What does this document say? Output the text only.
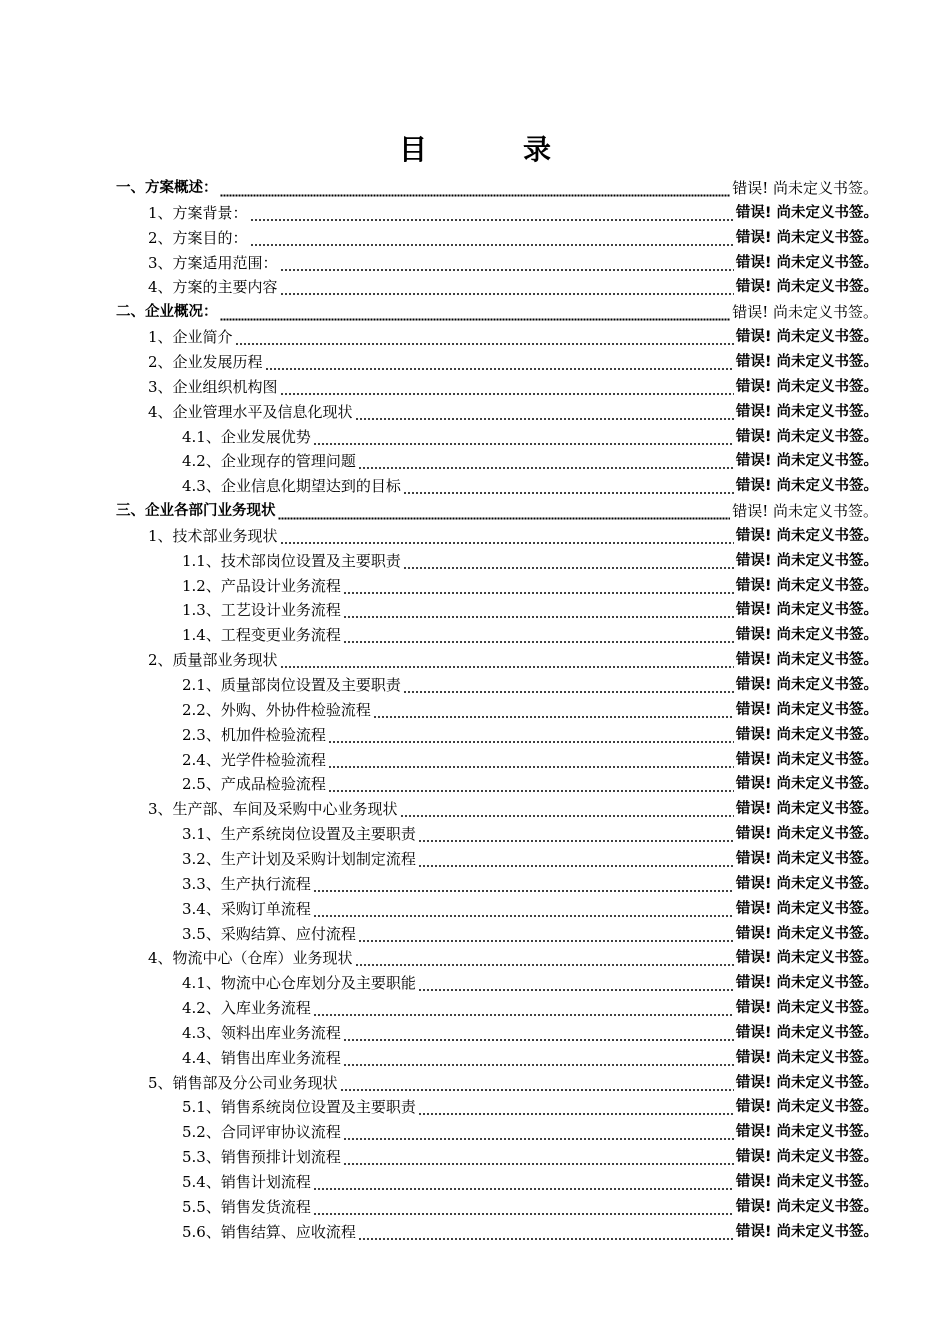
目	录
一、方案概述：	错误! 尚未定义书签。
1、方案背景：	错误! 尚未定义书签。
2、方案目的：	错误! 尚未定义书签。
3、方案适用范围：	错误! 尚未定义书签。
4、方案的主要内容	错误! 尚未定义书签。
二、企业概况：	错误! 尚未定义书签。
1、企业简介	错误! 尚未定义书签。
2、企业发展历程	错误! 尚未定义书签。
3、企业组织机构图	错误! 尚未定义书签。
4、企业管理水平及信息化现状	错误! 尚未定义书签。
4.1、企业发展优势	错误! 尚未定义书签。
4.2、企业现存的管理问题	错误! 尚未定义书签。
4.3、企业信息化期望达到的目标	错误! 尚未定义书签。
三、企业各部门业务现状	错误! 尚未定义书签。
1、技术部业务现状	错误! 尚未定义书签。
1.1、技术部岗位设置及主要职责	错误! 尚未定义书签。
1.2、产品设计业务流程	错误! 尚未定义书签。
1.3、工艺设计业务流程	错误! 尚未定义书签。
1.4、工程变更业务流程	错误! 尚未定义书签。
2、质量部业务现状	错误! 尚未定义书签。
2.1、质量部岗位设置及主要职责	错误! 尚未定义书签。
2.2、外购、外协件检验流程	错误! 尚未定义书签。
2.3、机加件检验流程	错误! 尚未定义书签。
2.4、光学件检验流程	错误! 尚未定义书签。
2.5、产成品检验流程	错误! 尚未定义书签。
3、生产部、车间及采购中心业务现状	错误! 尚未定义书签。
3.1、生产系统岗位设置及主要职责	错误! 尚未定义书签。
3.2、生产计划及采购计划制定流程	错误! 尚未定义书签。
3.3、生产执行流程	错误! 尚未定义书签。
3.4、采购订单流程	错误! 尚未定义书签。
3.5、采购结算、应付流程	错误! 尚未定义书签。
4、物流中心（仓库）业务现状	错误! 尚未定义书签。
4.1、物流中心仓库划分及主要职能	错误! 尚未定义书签。
4.2、入库业务流程	错误! 尚未定义书签。
4.3、领料出库业务流程	错误! 尚未定义书签。
4.4、销售出库业务流程	错误! 尚未定义书签。
5、销售部及分公司业务现状	错误! 尚未定义书签。
5.1、销售系统岗位设置及主要职责	错误! 尚未定义书签。
5.2、合同评审协议流程	错误! 尚未定义书签。
5.3、销售预排计划流程	错误! 尚未定义书签。
5.4、销售计划流程	错误! 尚未定义书签。
5.5、销售发货流程	错误! 尚未定义书签。
5.6、销售结算、应收流程	错误! 尚未定义书签。
